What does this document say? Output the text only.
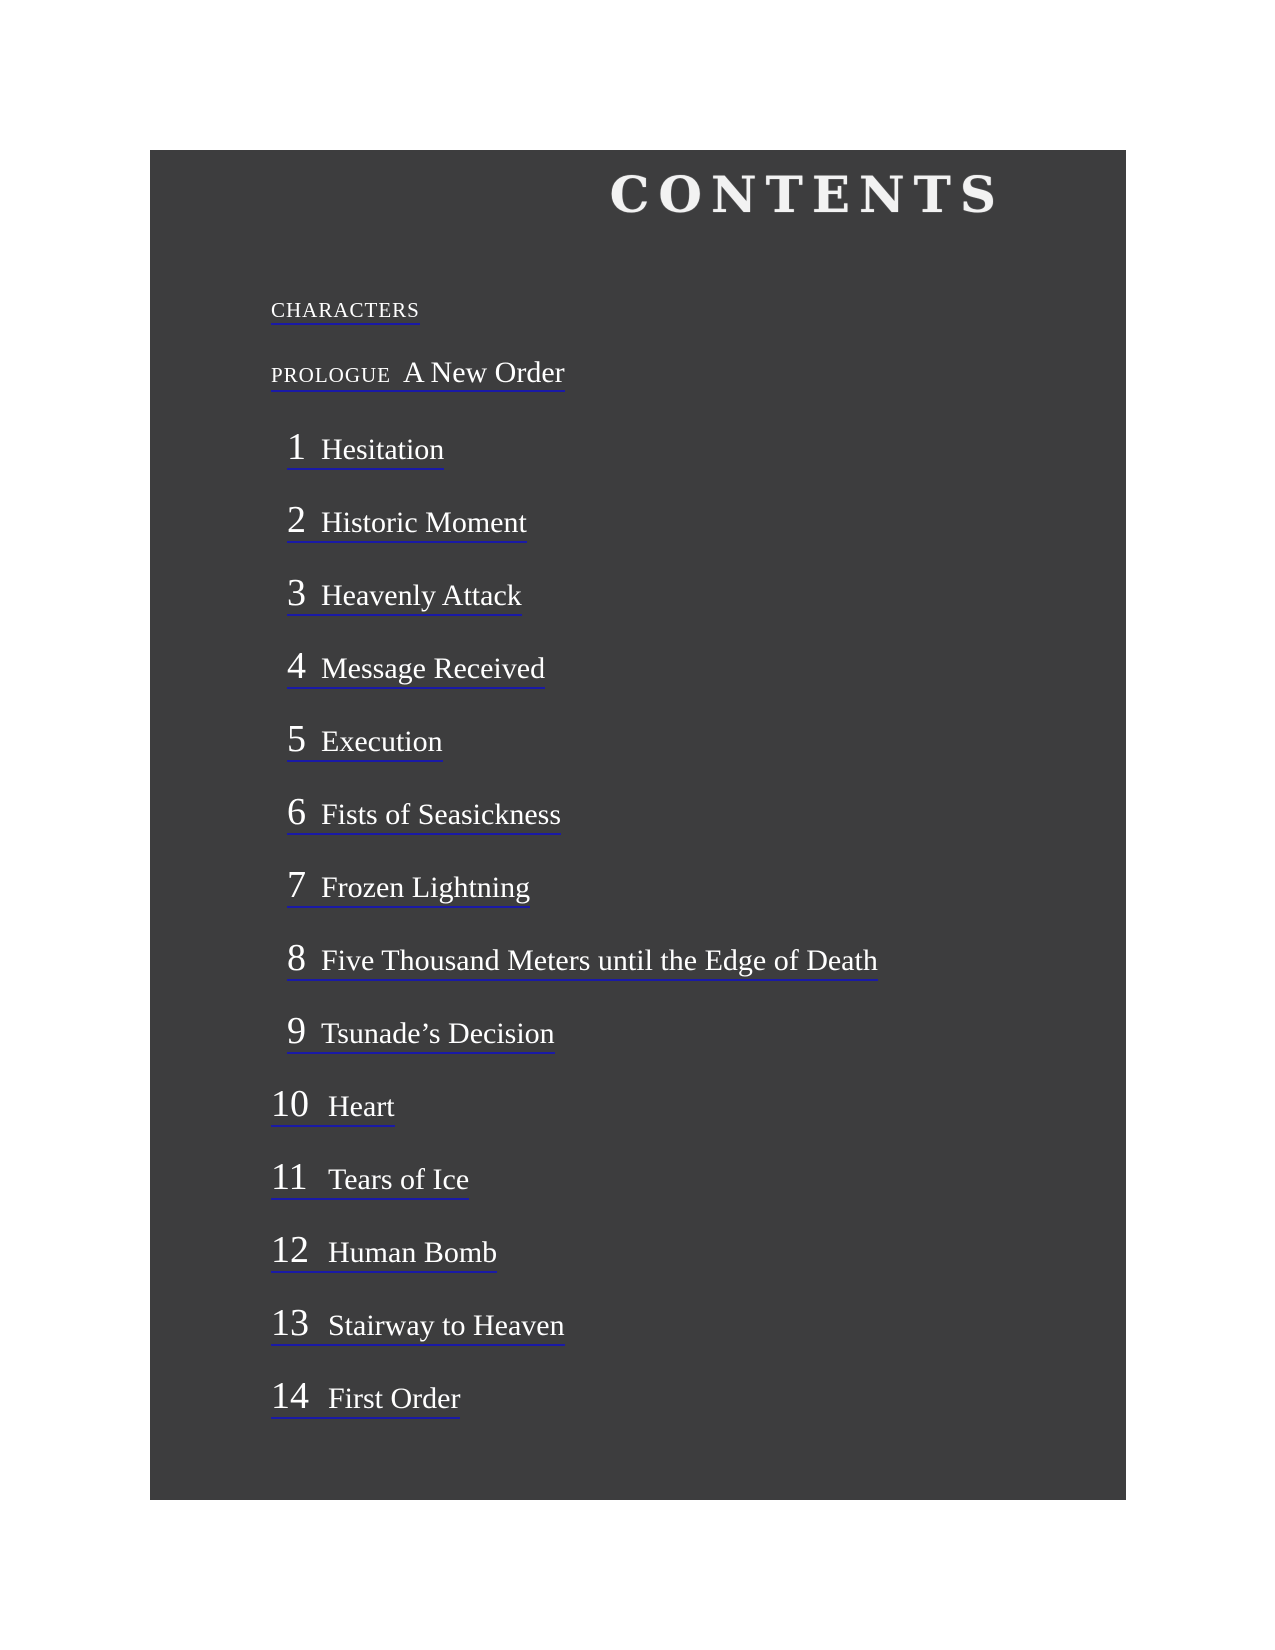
CONTENTS
CHARACTERS
PROLOGUE A New Order
1 Hesitation
2 Historic Moment
3 Heavenly Attack
4 Message Received
5 Execution
6 Fists of Seasickness
7 Frozen Lightning
8 Five Thousand Meters until the Edge of Death
9 Tsunade’s Decision
10 Heart
11 Tears of Ice
12 Human Bomb
13 Stairway to Heaven
14 First Order
